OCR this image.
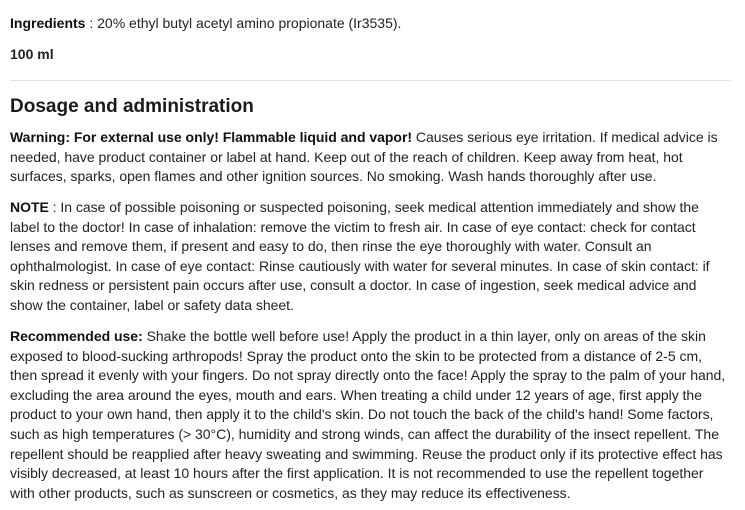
Ingredients : 20% ethyl butyl acetyl amino propionate (Ir3535).

100 ml

Dosage and administration

Warning: For external use only! Flammable liquid and vapor! Causes serious eye irritation. If medical advice is needed, have product container or label at hand. Keep out of the reach of children. Keep away from heat, hot surfaces, sparks, open flames and other ignition sources. No smoking. Wash hands thoroughly after use.

NOTE : In case of possible poisoning or suspected poisoning, seek medical attention immediately and show the label to the doctor! In case of inhalation: remove the victim to fresh air. In case of eye contact: check for contact lenses and remove them, if present and easy to do, then rinse the eye thoroughly with water. Consult an ophthalmologist. In case of eye contact: Rinse cautiously with water for several minutes. In case of skin contact: if skin redness or persistent pain occurs after use, consult a doctor. In case of ingestion, seek medical advice and show the container, label or safety data sheet.

Recommended use: Shake the bottle well before use! Apply the product in a thin layer, only on areas of the skin exposed to blood-sucking arthropods! Spray the product onto the skin to be protected from a distance of 2-5 cm, then spread it evenly with your fingers. Do not spray directly onto the face! Apply the spray to the palm of your hand, excluding the area around the eyes, mouth and ears. When treating a child under 12 years of age, first apply the product to your own hand, then apply it to the child's skin. Do not touch the back of the child's hand! Some factors, such as high temperatures (> 30°C), humidity and strong winds, can affect the durability of the insect repellent. The repellent should be reapplied after heavy sweating and swimming. Reuse the product only if its protective effect has visibly decreased, at least 10 hours after the first application. It is not recommended to use the repellent together with other products, such as sunscreen or cosmetics, as they may reduce its effectiveness.
